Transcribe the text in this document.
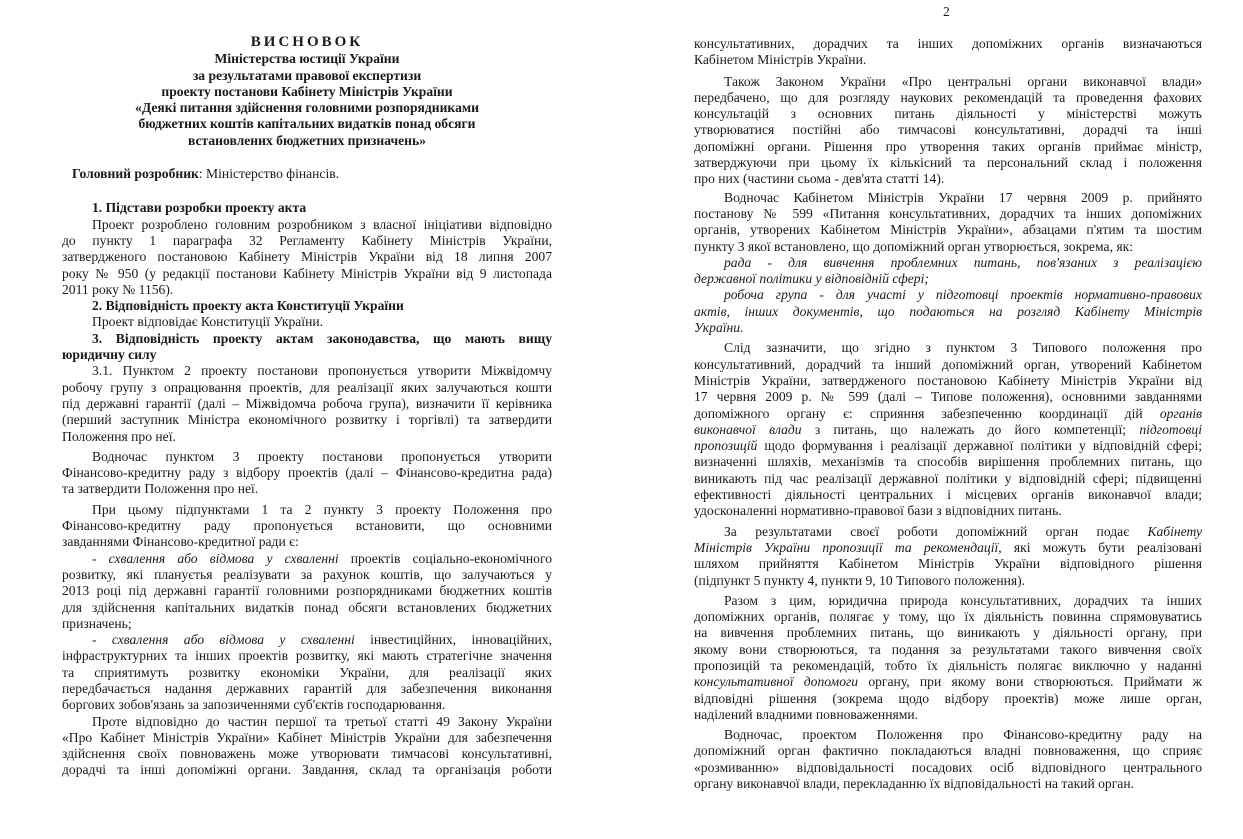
ВИСНОВОК

Міністерства юстиції України

за результатами правової експертизи

проекту постанови Кабінету Міністрів України

«Деякі питання здійснення головними розпорядниками

бюджетних коштів капітальних видатків понад обсяги

встановлених бюджетних призначень»

Головний розробник: Міністерство фінансів.

1. Підстави розробки проекту акта

Проект розроблено головним розробником з власної ініціативи відповідно

до пункту 1 параграфа 32 Регламенту Кабінету Міністрів України,

затвердженого постановою Кабінету Міністрів України від 18 липня 2007

року № 950 (у редакції постанови Кабінету Міністрів України від 9 листопада

2011 року № 1156).

2. Відповідність проекту акта Конституції України

Проект відповідає Конституції України.

3. Відповідність проекту актам законодавства, що мають вищу

юридичну силу

3.1. Пунктом 2 проекту постанови пропонується утворити Міжвідомчу

робочу групу з опрацювання проектів, для реалізації яких залучаються кошти

під державні гарантії (далі – Міжвідомча робоча група), визначити її керівника

(перший заступник Міністра економічного розвитку і торгівлі) та затвердити

Положення про неї.

Водночас пунктом 3 проекту постанови пропонується утворити

Фінансово-кредитну раду з відбору проектів (далі – Фінансово-кредитна рада)

та затвердити Положення про неї.

При цьому підпунктами 1 та 2 пункту 3 проекту Положення про

Фінансово-кредитну раду пропонується встановити, що основними

завданнями Фінансово-кредитної ради є:

- схвалення або відмова у схваленні проектів соціально-економічного

розвитку, які плануєтья реалізувати за рахунок коштів, що залучаються у

2013 році під державні гарантії головними розпорядниками бюджетних коштів

для здійснення капітальних видатків понад обсяги встановлених бюджетних

призначень;

- схвалення або відмова у схваленні інвестиційних, інноваційних,

інфраструктурних та інших проектів розвитку, які мають стратегічне значення

та сприятимуть розвитку економіки України, для реалізації яких

передбачається надання державних гарантій для забезпечення виконання

боргових зобов'язань за запозиченнями суб'єктів господарювання.

Проте відповідно до частин першої та третьої статті 49 Закону України

«Про Кабінет Міністрів України» Кабінет Міністрів України для забезпечення

здійснення своїх повноважень може утворювати тимчасові консультативні,

дорадчі та інші допоміжні органи. Завдання, склад та організація роботи

2

консультативних, дорадчих та інших допоміжних органів визначаються

Кабінетом Міністрів України.

Також Законом України «Про центральні органи виконавчої влади»

передбачено, що для розгляду наукових рекомендацій та проведення фахових

консультацій з основних питань діяльності у міністерстві можуть

утворюватися постійні або тимчасові консультативні, дорадчі та інші

допоміжні органи. Рішення про утворення таких органів приймає міністр,

затверджуючи при цьому їх кількісний та персональний склад і положення

про них (частини сьома - дев'ята статті 14).

Водночас Кабінетом Міністрів України 17 червня 2009 р. прийнято

постанову № 599 «Питання консультативних, дорадчих та інших допоміжних

органів, утворених Кабінетом Міністрів України», абзацами п'ятим та шостим

пункту 3 якої встановлено, що допоміжний орган утворюється, зокрема, як:

рада - для вивчення проблемних питань, пов'язаних з реалізацією

державної політики у відповідній сфері;

робоча група - для участі у підготовці проектів нормативно-правових

актів, інших документів, що подаються на розгляд Кабінету Міністрів

України.

Слід зазначити, що згідно з пунктом 3 Типового положення про

консультативний, дорадчий та інший допоміжний орган, утворений Кабінетом

Міністрів України, затвердженого постановою Кабінету Міністрів України від

17 червня 2009 р. № 599 (далі – Типове положення), основними завданнями

допоміжного органу є: сприяння забезпеченню координації дій органів

виконавчої влади з питань, що належать до його компетенції; підготовці

пропозицій щодо формування і реалізації державної політики у відповідній сфері;

визначенні шляхів, механізмів та способів вирішення проблемних питань, що

виникають під час реалізації державної політики у відповідній сфері; підвищенні

ефективності діяльності центральних і місцевих органів виконавчої влади;

удосконаленні нормативно-правової бази з відповідних питань.

За результатами своєї роботи допоміжний орган подає Кабінету

Міністрів України пропозиції та рекомендації, які можуть бути реалізовані

шляхом прийняття Кабінетом Міністрів України відповідного рішення

(підпункт 5 пункту 4, пункти 9, 10 Типового положення).

Разом з цим, юридична природа консультативних, дорадчих та інших

допоміжних органів, полягає у тому, що їх діяльність повинна спрямовуватись

на вивчення проблемних питань, що виникають у діяльності органу, при

якому вони створюються, та подання за результатами такого вивчення своїх

пропозицій та рекомендацій, тобто їх діяльність полягає виключно у наданні

консультативної допомоги органу, при якому вони створюються. Приймати ж

відповідні рішення (зокрема щодо відбору проектів) може лише орган,

наділений владними повноваженнями.

Водночас, проектом Положення про Фінансово-кредитну раду на

допоміжний орган фактично покладаються владні повноваження, що сприяє

«розмиванню» відповідальності посадових осіб відповідного центрального

органу виконавчої влади, перекладанню їх відповідальності на такий орган.
